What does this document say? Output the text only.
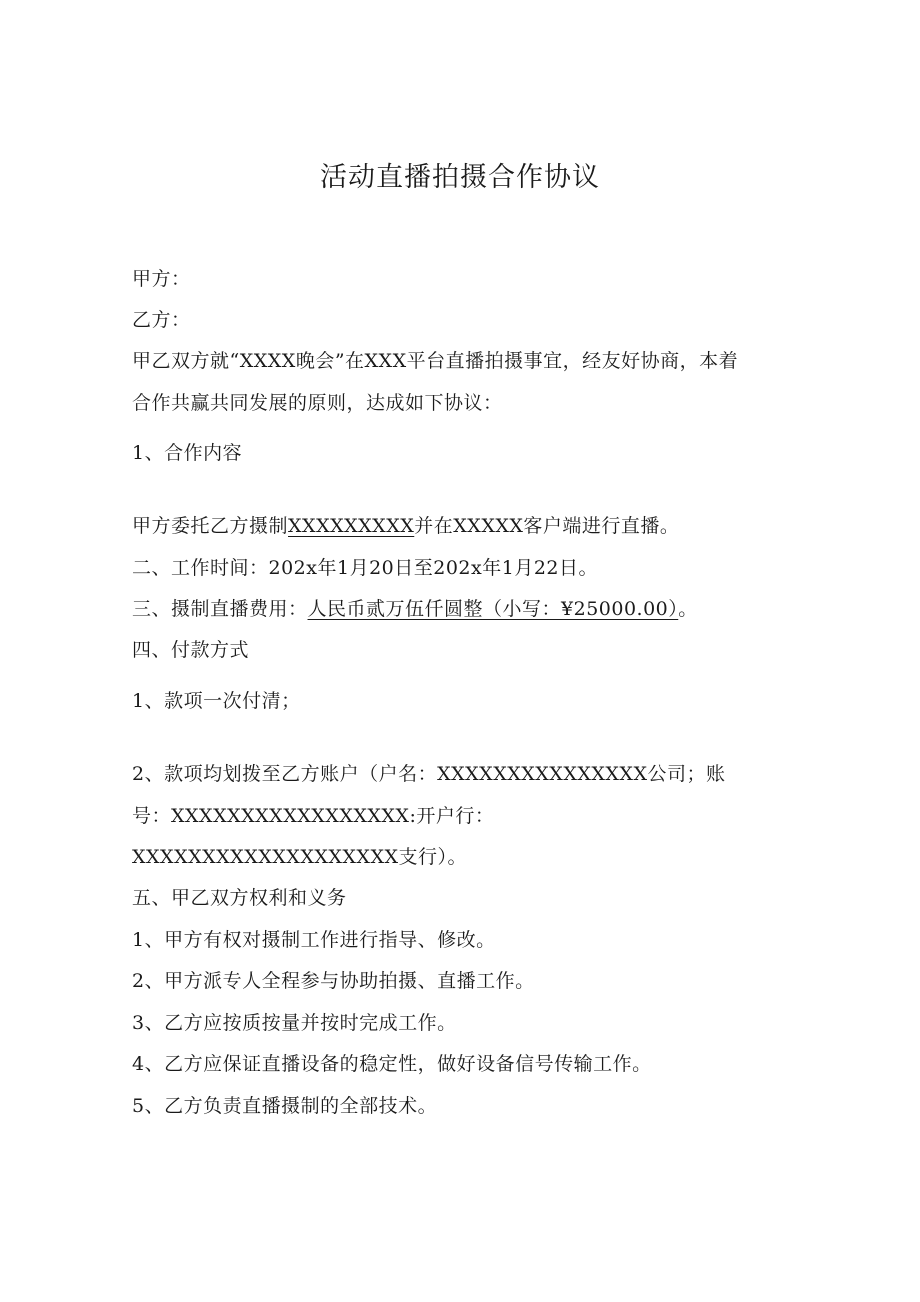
活动直播拍摄合作协议
甲方：
乙方：
甲乙双方就“XXXX晚会”在XXX平台直播拍摄事宜，经友好协商，本着
合作共赢共同发展的原则，达成如下协议：
1、合作内容
甲方委托乙方摄制XXXXXXXXX并在XXXXX客户端进行直播。
二、工作时间：202x年1月20日至202x年1月22日。
三、摄制直播费用：人民币贰万伍仟圆整（小写：¥25000.00）。
四、付款方式
1、款项一次付清；
2、款项均划拨至乙方账户（户名：XXXXXXXXXXXXXXX公司；账
号：XXXXXXXXXXXXXXXXX:开户行：
XXXXXXXXXXXXXXXXXXX支行）。
五、甲乙双方权利和义务
1、甲方有权对摄制工作进行指导、修改。
2、甲方派专人全程参与协助拍摄、直播工作。
3、乙方应按质按量并按时完成工作。
4、乙方应保证直播设备的稳定性，做好设备信号传输工作。
5、乙方负责直播摄制的全部技术。
